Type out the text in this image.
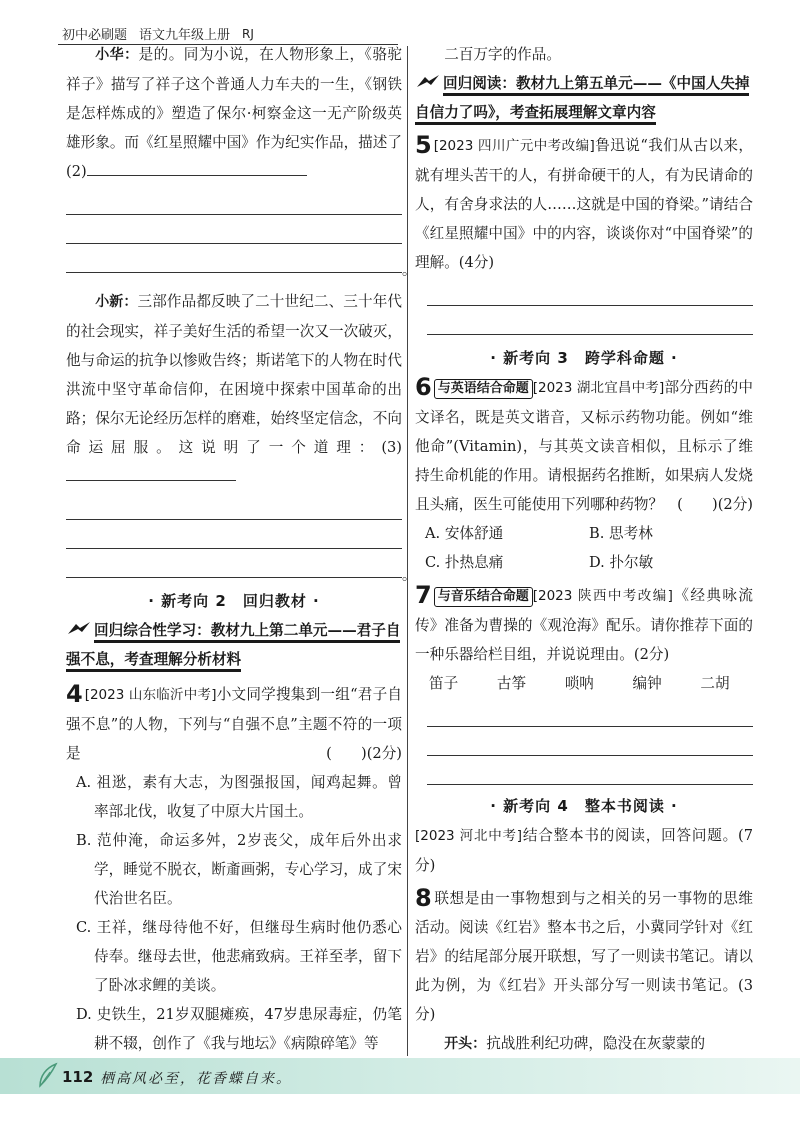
初中必刷题 语文九年级上册 RJ
小华：是的。同为小说，在人物形象上，《骆驼祥子》描写了祥子这个普通人力车夫的一生，《钢铁是怎样炼成的》塑造了保尔·柯察金这一无产阶级英雄形象。而《红星照耀中国》作为纪实作品，描述了(2)
。
小新：三部作品都反映了二十世纪二、三十年代的社会现实，祥子美好生活的希望一次又一次破灭，他与命运的抗争以惨败告终；斯诺笔下的人物在时代洪流中坚守革命信仰，在困境中探索中国革命的出路；保尔无论经历怎样的磨难，始终坚定信念，不向命运屈服。这说明了一个道理：(3)
。
· 新考向 2　回归教材 ·
回归综合性学习：教材九上第二单元——君子自强不息，考查理解分析材料
4 [2023 山东临沂中考]小文同学搜集到一组“君子自强不息”的人物，下列与“自强不息”主题不符的一项是	(　　)(2分)
A. 祖逖，素有大志，为图强报国，闻鸡起舞。曾率部北伐，收复了中原大片国土。
B. 范仲淹，命运多舛，2岁丧父，成年后外出求学，睡觉不脱衣，断齑画粥，专心学习，成了宋代治世名臣。
C. 王祥，继母待他不好，但继母生病时他仍悉心侍奉。继母去世，他悲痛致病。王祥至孝，留下了卧冰求鲤的美谈。
D. 史铁生，21岁双腿瘫痪，47岁患尿毒症，仍笔耕不辍，创作了《我与地坛》《病隙碎笔》等
二百万字的作品。
回归阅读：教材九上第五单元——《中国人失掉自信力了吗》，考查拓展理解文章内容
5 [2023 四川广元中考改编]鲁迅说“我们从古以来，就有埋头苦干的人，有拼命硬干的人，有为民请命的人，有舍身求法的人……这就是中国的脊梁。”请结合《红星照耀中国》中的内容，谈谈你对“中国脊梁”的理解。(4分)
· 新考向 3　跨学科命题 ·
6 与英语结合命题 [2023 湖北宜昌中考]部分西药的中文译名，既是英文谐音，又标示药物功能。例如“维他命”(Vitamin)，与其英文读音相似，且标示了维持生命机能的作用。请根据药名推断，如果病人发烧且头痛，医生可能使用下列哪种药物？ (　　)(2分)
A. 安体舒通	B. 思考林
C. 扑热息痛	D. 扑尔敏
7 与音乐结合命题 [2023 陕西中考改编]《经典咏流传》准备为曹操的《观沧海》配乐。请你推荐下面的一种乐器给栏目组，并说说理由。(2分)
笛子	古筝	唢呐	编钟	二胡
· 新考向 4　整本书阅读 ·
[2023 河北中考]结合整本书的阅读，回答问题。(7分)
8 联想是由一事物想到与之相关的另一事物的思维活动。阅读《红岩》整本书之后，小冀同学针对《红岩》的结尾部分展开联想，写了一则读书笔记。请以此为例，为《红岩》开头部分写一则读书笔记。(3分)
开头：抗战胜利纪功碑，隐没在灰蒙蒙的
112 栖高风必至，花香蝶自来。
